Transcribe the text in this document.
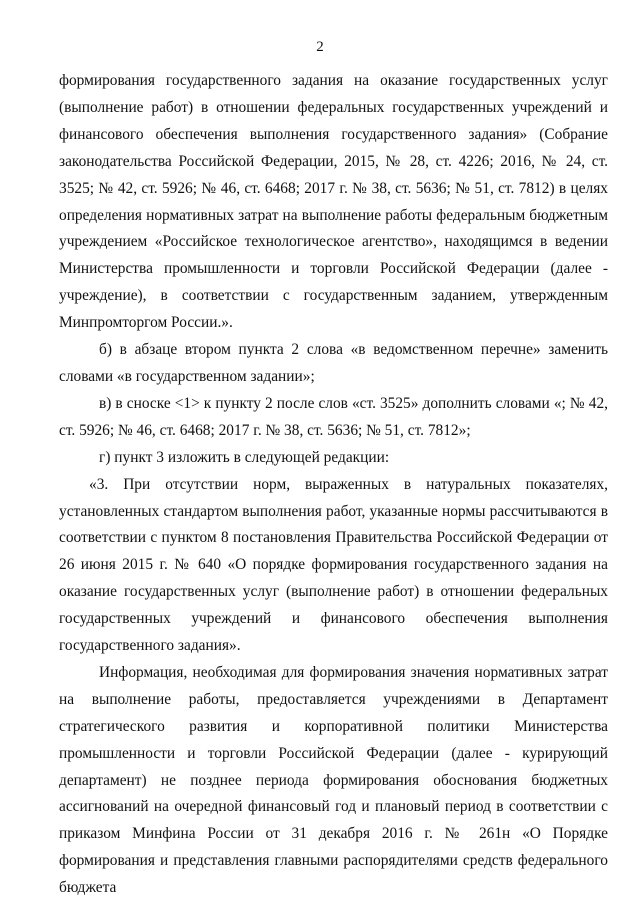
2

формирования государственного задания на оказание государственных услуг (выполнение работ) в отношении федеральных государственных учреждений и финансового обеспечения выполнения государственного задания» (Собрание законодательства Российской Федерации, 2015, № 28, ст. 4226; 2016, № 24, ст. 3525; № 42, ст. 5926; № 46, ст. 6468; 2017 г. № 38, ст. 5636; № 51, ст. 7812) в целях определения нормативных затрат на выполнение работы федеральным бюджетным учреждением «Российское технологическое агентство», находящимся в ведении Министерства промышленности и торговли Российской Федерации (далее - учреждение), в соответствии с государственным заданием, утвержденным Минпромторгом России.».

б) в абзаце втором пункта 2 слова «в ведомственном перечне» заменить словами «в государственном задании»;

в) в сноске <1> к пункту 2 после слов «ст. 3525» дополнить словами «; № 42, ст. 5926; № 46, ст. 6468; 2017 г. № 38, ст. 5636; № 51, ст. 7812»;

г) пункт 3 изложить в следующей редакции:

«3. При отсутствии норм, выраженных в натуральных показателях, установленных стандартом выполнения работ, указанные нормы рассчитываются в соответствии с пунктом 8 постановления Правительства Российской Федерации от 26 июня 2015 г. № 640 «О порядке формирования государственного задания на оказание государственных услуг (выполнение работ) в отношении федеральных государственных учреждений и финансового обеспечения выполнения государственного задания».

Информация, необходимая для формирования значения нормативных затрат на выполнение работы, предоставляется учреждениями в Департамент стратегического развития и корпоративной политики Министерства промышленности и торговли Российской Федерации (далее - курирующий департамент) не позднее периода формирования обоснования бюджетных ассигнований на очередной финансовый год и плановый период в соответствии с приказом Минфина России от 31 декабря 2016 г. № 261н «О Порядке формирования и представления главными распорядителями средств федерального бюджета
